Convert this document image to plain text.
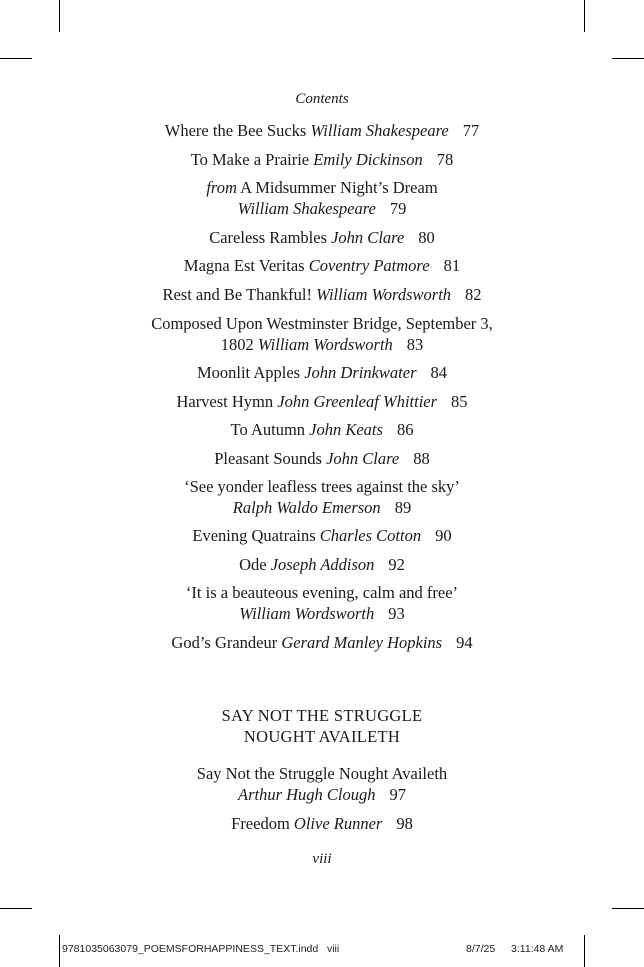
Contents
Where the Bee Sucks William Shakespeare 77
To Make a Prairie Emily Dickinson 78
from A Midsummer Night’s Dream
William Shakespeare 79
Careless Rambles John Clare 80
Magna Est Veritas Coventry Patmore 81
Rest and Be Thankful! William Wordsworth 82
Composed Upon Westminster Bridge, September 3,
1802 William Wordsworth 83
Moonlit Apples John Drinkwater 84
Harvest Hymn John Greenleaf Whittier 85
To Autumn John Keats 86
Pleasant Sounds John Clare 88
‘See yonder leafless trees against the sky’
Ralph Waldo Emerson 89
Evening Quatrains Charles Cotton 90
Ode Joseph Addison 92
‘It is a beauteous evening, calm and free’
William Wordsworth 93
God’s Grandeur Gerard Manley Hopkins 94
SAY NOT THE STRUGGLE
NOUGHT AVAILETH
Say Not the Struggle Nought Availeth
Arthur Hugh Clough 97
Freedom Olive Runner 98
viii
9781035063079_POEMSFORHAPPINESS_TEXT.indd   viii	8/7/25 3:11:48 AM
